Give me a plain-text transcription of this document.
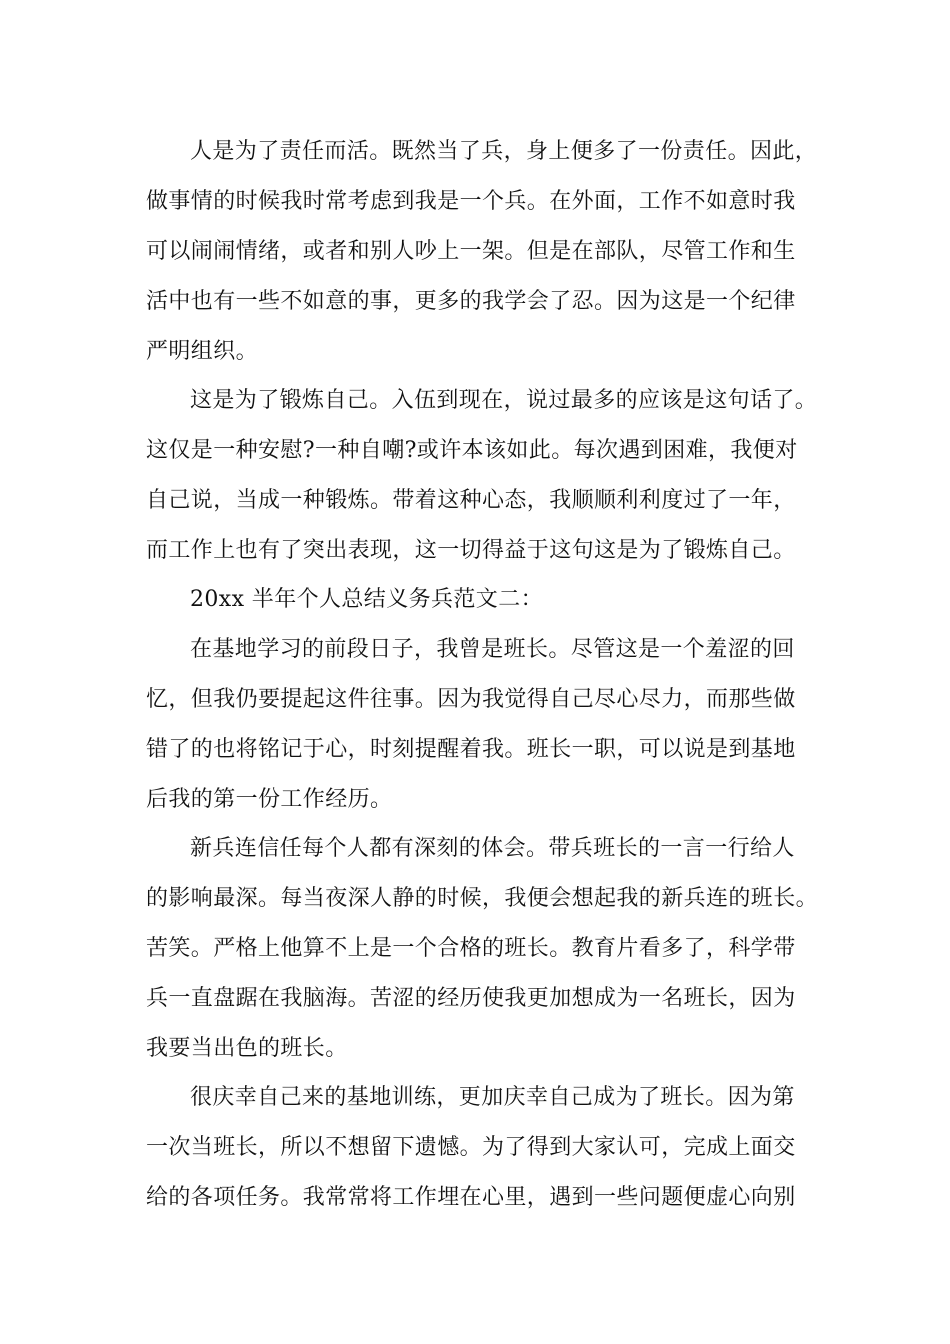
人是为了责任而活。既然当了兵，身上便多了一份责任。因此，
做事情的时候我时常考虑到我是一个兵。在外面，工作不如意时我
可以闹闹情绪，或者和别人吵上一架。但是在部队，尽管工作和生
活中也有一些不如意的事，更多的我学会了忍。因为这是一个纪律
严明组织。
这是为了锻炼自己。入伍到现在，说过最多的应该是这句话了。
这仅是一种安慰?一种自嘲?或许本该如此。每次遇到困难，我便对
自己说，当成一种锻炼。带着这种心态，我顺顺利利度过了一年，
而工作上也有了突出表现，这一切得益于这句这是为了锻炼自己。
20xx 半年个人总结义务兵范文二：
在基地学习的前段日子，我曾是班长。尽管这是一个羞涩的回
忆，但我仍要提起这件往事。因为我觉得自己尽心尽力，而那些做
错了的也将铭记于心，时刻提醒着我。班长一职，可以说是到基地
后我的第一份工作经历。
新兵连信任每个人都有深刻的体会。带兵班长的一言一行给人
的影响最深。每当夜深人静的时候，我便会想起我的新兵连的班长。
苦笑。严格上他算不上是一个合格的班长。教育片看多了，科学带
兵一直盘踞在我脑海。苦涩的经历使我更加想成为一名班长，因为
我要当出色的班长。
很庆幸自己来的基地训练，更加庆幸自己成为了班长。因为第
一次当班长，所以不想留下遗憾。为了得到大家认可，完成上面交
给的各项任务。我常常将工作埋在心里，遇到一些问题便虚心向别
